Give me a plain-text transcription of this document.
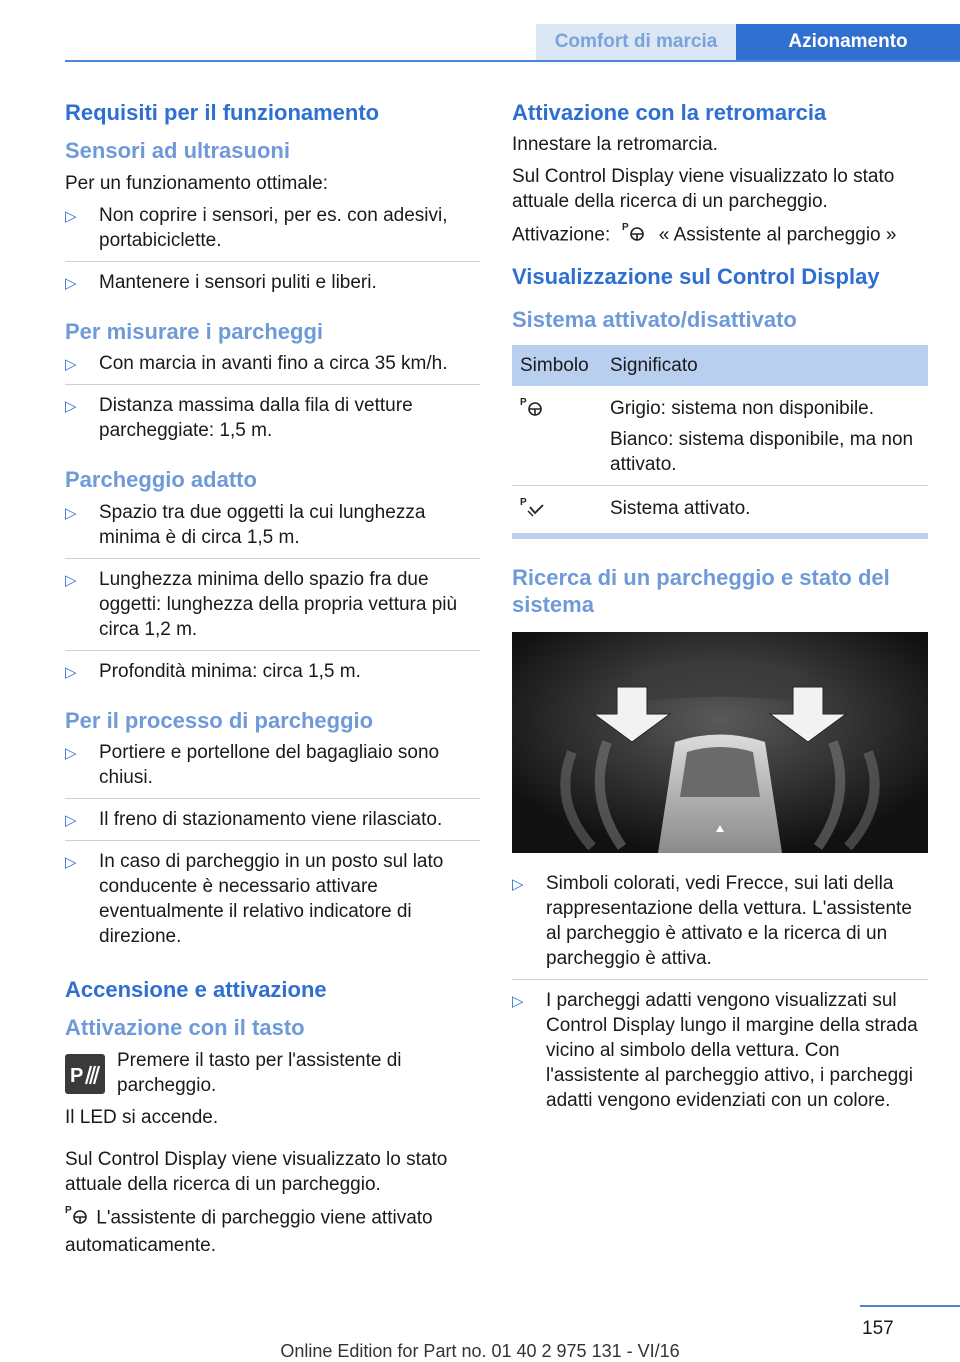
Comfort di marcia	Azionamento
Requisiti per il funzionamento
Sensori ad ultrasuoni

Per un funzionamento ottimale:

▷ Non coprire i sensori, per es. con adesivi, portabiciclette.
▷ Mantenere i sensori puliti e liberi.
Per misurare i parcheggi
▷ Con marcia in avanti fino a circa 35 km/h.
▷ Distanza massima dalla fila di vetture parcheggiate: 1,5 m.
Parcheggio adatto
▷ Spazio tra due oggetti la cui lunghezza minima è di circa 1,5 m.
▷ Lunghezza minima dello spazio fra due oggetti: lunghezza della propria vettura più circa 1,2 m.
▷ Profondità minima: circa 1,5 m.
Per il processo di parcheggio
▷ Portiere e portellone del bagagliaio sono chiusi.
▷ Il freno di stazionamento viene rilasciato.
▷ In caso di parcheggio in un posto sul lato conducente è necessario attivare eventualmente il relativo indicatore di direzione.
Accensione e attivazione
Attivazione con il tasto
P

Premere il tasto per l'assistente di parcheggio.

Il LED si accende.

Sul Control Display viene visualizzato lo stato attuale della ricerca di un parcheggio.

P L'assistente di parcheggio viene attivato automaticamente.

Attivazione con la retromarcia

Innestare la retromarcia.

Sul Control Display viene visualizzato lo stato attuale della ricerca di un parcheggio.

Attivazione: P « Assistente al parcheggio »

Visualizzazione sul Control Display
Sistema attivato/disattivato
Simbolo	Significato

P	Grigio: sistema non disponibile.

Bianco: sistema disponibile, ma non attivato.

P	Sistema attivato.
Ricerca di un parcheggio e stato del sistema
▷ Simboli colorati, vedi Frecce, sui lati della rappresentazione della vettura. L'assistente al parcheggio è attivato e la ricerca di un parcheggio è attiva.
▷ I parcheggi adatti vengono visualizzati sul Control Display lungo il margine della strada vicino al simbolo della vettura. Con l'assistente al parcheggio attivo, i parcheggi adatti vengono evidenziati con un colore.
157
Online Edition for Part no. 01 40 2 975 131 - VI/16
